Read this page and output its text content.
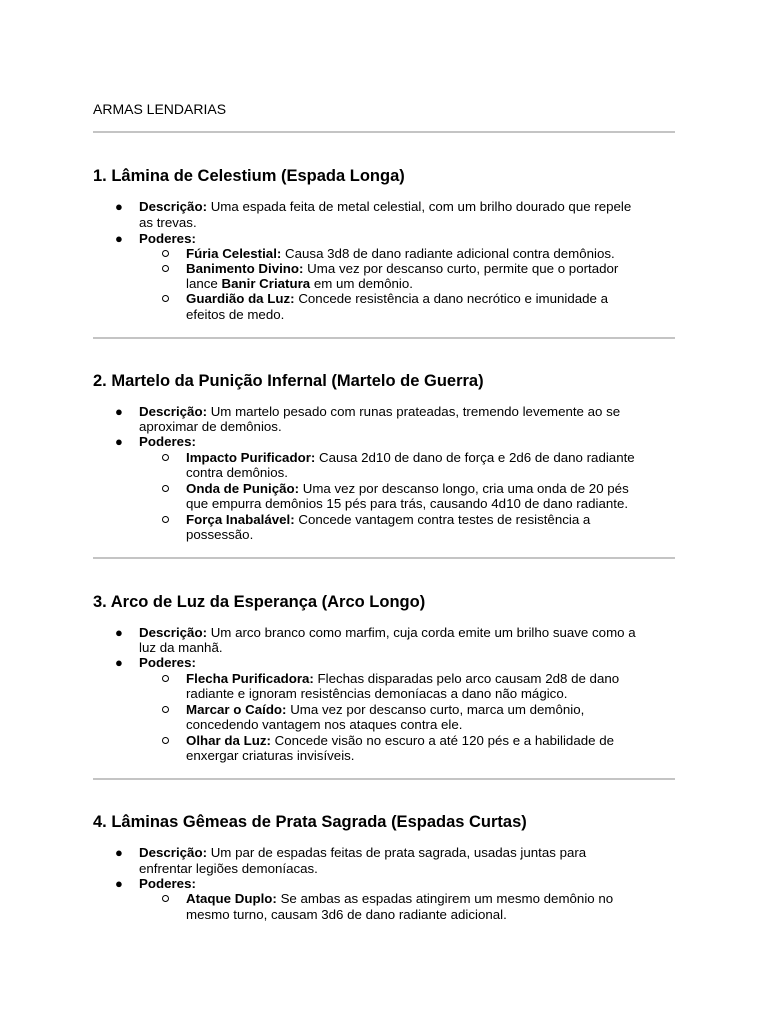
ARMAS LENDARIAS
1. Lâmina de Celestium (Espada Longa)
● Descrição: Uma espada feita de metal celestial, com um brilho dourado que repele
as trevas.
● Poderes:
Fúria Celestial: Causa 3d8 de dano radiante adicional contra demônios.
Banimento Divino: Uma vez por descanso curto, permite que o portador
lance Banir Criatura em um demônio.
Guardião da Luz: Concede resistência a dano necrótico e imunidade a
efeitos de medo.
2. Martelo da Punição Infernal (Martelo de Guerra)
● Descrição: Um martelo pesado com runas prateadas, tremendo levemente ao se
aproximar de demônios.
● Poderes:
Impacto Purificador: Causa 2d10 de dano de força e 2d6 de dano radiante
contra demônios.
Onda de Punição: Uma vez por descanso longo, cria uma onda de 20 pés
que empurra demônios 15 pés para trás, causando 4d10 de dano radiante.
Força Inabalável: Concede vantagem contra testes de resistência a
possessão.
3. Arco de Luz da Esperança (Arco Longo)
● Descrição: Um arco branco como marfim, cuja corda emite um brilho suave como a
luz da manhã.
● Poderes:
Flecha Purificadora: Flechas disparadas pelo arco causam 2d8 de dano
radiante e ignoram resistências demoníacas a dano não mágico.
Marcar o Caído: Uma vez por descanso curto, marca um demônio,
concedendo vantagem nos ataques contra ele.
Olhar da Luz: Concede visão no escuro a até 120 pés e a habilidade de
enxergar criaturas invisíveis.
4. Lâminas Gêmeas de Prata Sagrada (Espadas Curtas)
● Descrição: Um par de espadas feitas de prata sagrada, usadas juntas para
enfrentar legiões demoníacas.
● Poderes:
Ataque Duplo: Se ambas as espadas atingirem um mesmo demônio no
mesmo turno, causam 3d6 de dano radiante adicional.
